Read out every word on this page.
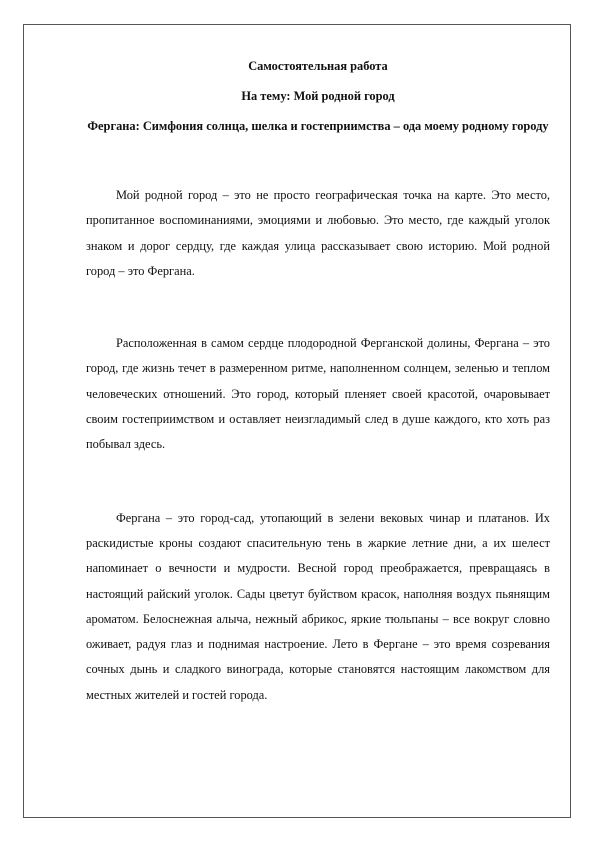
Самостоятельная работа

На тему: Мой родной город

Фергана: Симфония солнца, шелка и гостеприимства – ода моему родному городу

Мой родной город – это не просто географическая точка на карте. Это место, пропитанное воспоминаниями, эмоциями и любовью. Это место, где каждый уголок знаком и дорог сердцу, где каждая улица рассказывает свою историю. Мой родной город – это Фергана.

Расположенная в самом сердце плодородной Ферганской долины, Фергана – это город, где жизнь течет в размеренном ритме, наполненном солнцем, зеленью и теплом человеческих отношений. Это город, который пленяет своей красотой, очаровывает своим гостеприимством и оставляет неизгладимый след в душе каждого, кто хоть раз побывал здесь.

Фергана – это город-сад, утопающий в зелени вековых чинар и платанов. Их раскидистые кроны создают спасительную тень в жаркие летние дни, а их шелест напоминает о вечности и мудрости. Весной город преображается, превращаясь в настоящий райский уголок. Сады цветут буйством красок, наполняя воздух пьянящим ароматом. Белоснежная алыча, нежный абрикос, яркие тюльпаны – все вокруг словно оживает, радуя глаз и поднимая настроение. Лето в Фергане – это время созревания сочных дынь и сладкого винограда, которые становятся настоящим лакомством для местных жителей и гостей города.
